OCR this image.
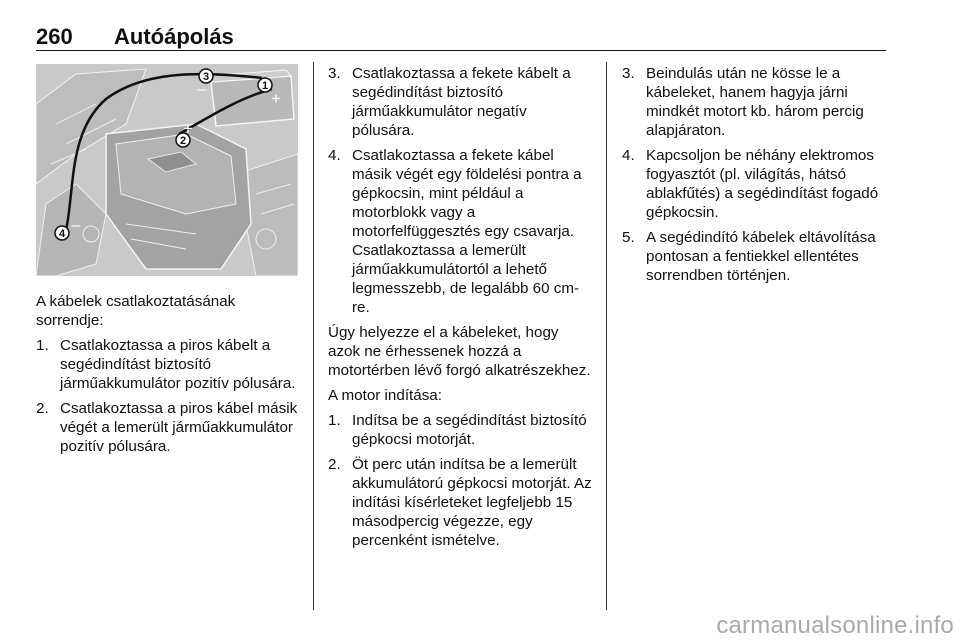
260 Autóápolás
3
1
2
4
–	+
+
–

A kábelek csatlakoztatásának sorrendje:

1. Csatlakoztassa a piros kábelt a segédindítást biztosító járműakkumulátor pozitív pólusára.
2. Csatlakoztassa a piros kábel másik végét a lemerült járműakkumulátor pozitív pólusára.
3. Csatlakoztassa a fekete kábelt a segédindítást biztosító járműakkumulátor negatív pólusára.
4. Csatlakoztassa a fekete kábel másik végét egy földelési pontra a gépkocsin, mint például a motorblokk vagy a motorfelfüggesztés egy csavarja. Csatlakoztassa a lemerült járműakkumulátortól a lehető legmesszebb, de legalább 60 cm-re.

Úgy helyezze el a kábeleket, hogy azok ne érhessenek hozzá a motortérben lévő forgó alkatrészekhez.

A motor indítása:

1. Indítsa be a segédindítást biztosító gépkocsi motorját.
2. Öt perc után indítsa be a lemerült akkumulátorú gépkocsi motorját. Az indítási kísérleteket legfeljebb 15 másodpercig végezze, egy percenként ismételve.
3. Beindulás után ne kösse le a kábeleket, hanem hagyja járni mindkét motort kb. három percig alapjáraton.
4. Kapcsoljon be néhány elektromos fogyasztót (pl. világítás, hátsó ablakfűtés) a segédindítást fogadó gépkocsin.
5. A segédindító kábelek eltávolítása pontosan a fentiekkel ellentétes sorrendben történjen.
carmanualsonline.info
